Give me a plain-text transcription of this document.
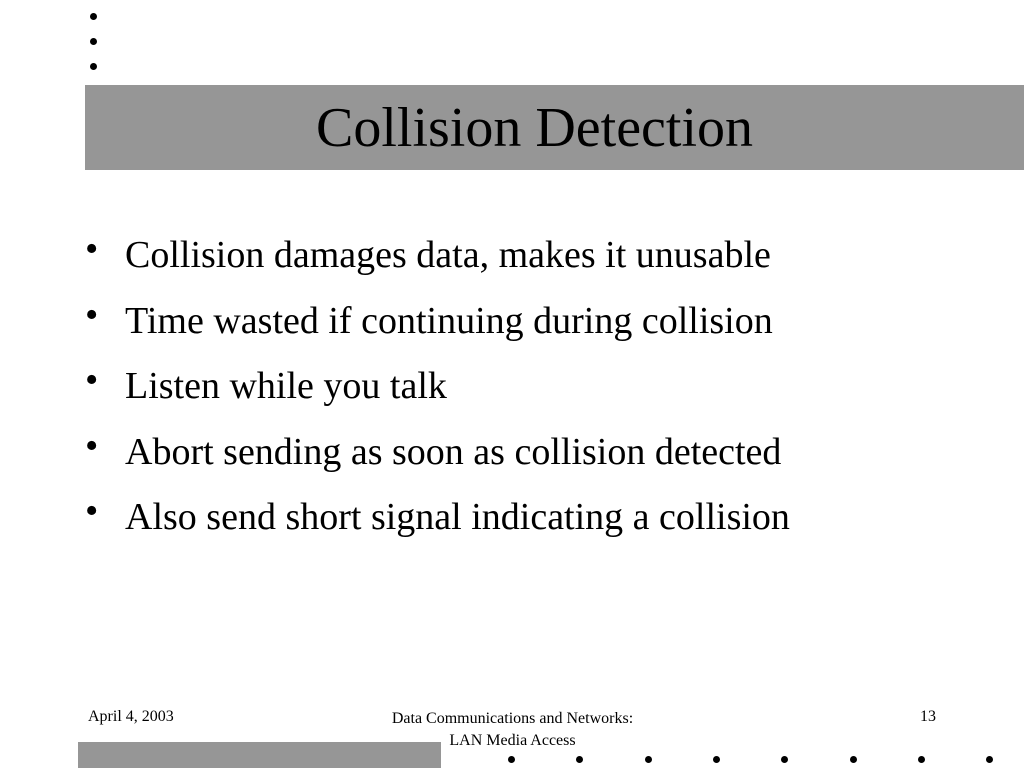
Collision Detection
• Collision damages data, makes it unusable
• Time wasted if continuing during collision
• Listen while you talk
• Abort sending as soon as collision detected
• Also send short signal indicating a collision
April 4, 2003	Data Communications and Networks:
LAN Media Access
13
